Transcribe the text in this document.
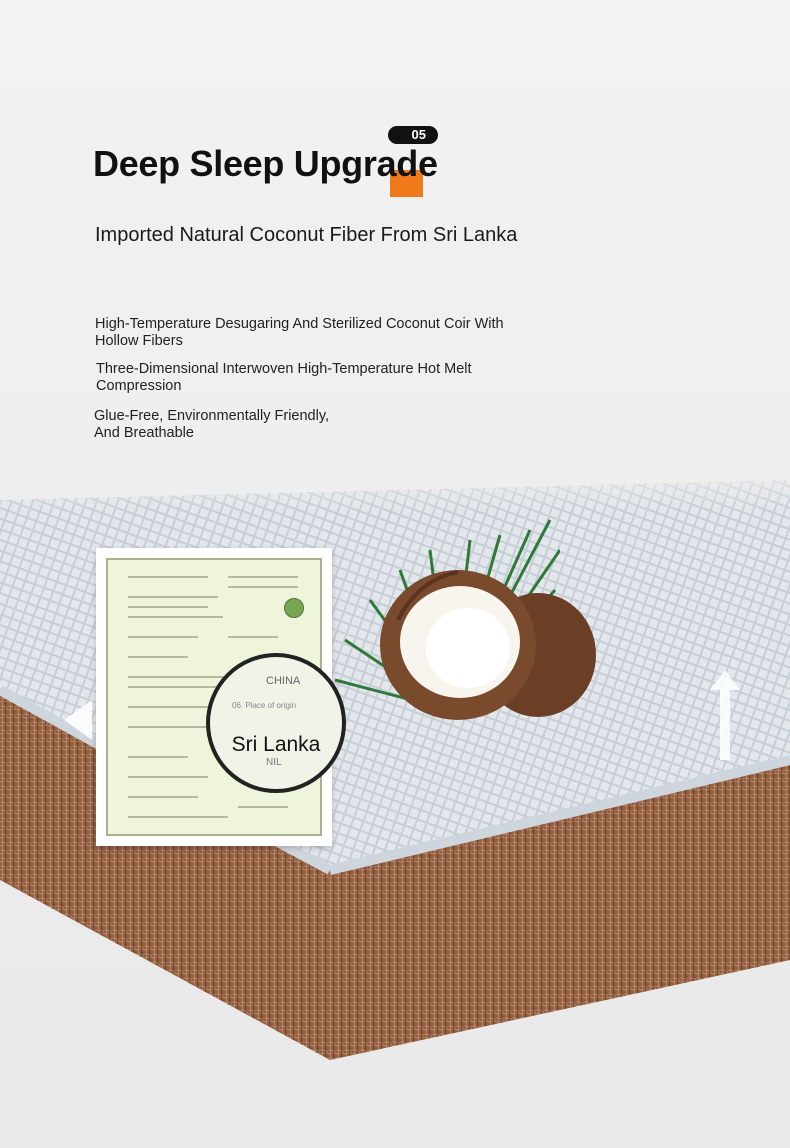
05
Deep Sleep Upgrade
Imported Natural Coconut Fiber From Sri Lanka

High-Temperature Desugaring And Sterilized Coconut Coir With Hollow Fibers

Three-Dimensional Interwoven High-Temperature Hot Melt Compression

Glue-Free, Environmentally Friendly, And Breathable

CHINA
06. Place of origin
Sri Lanka
NIL
